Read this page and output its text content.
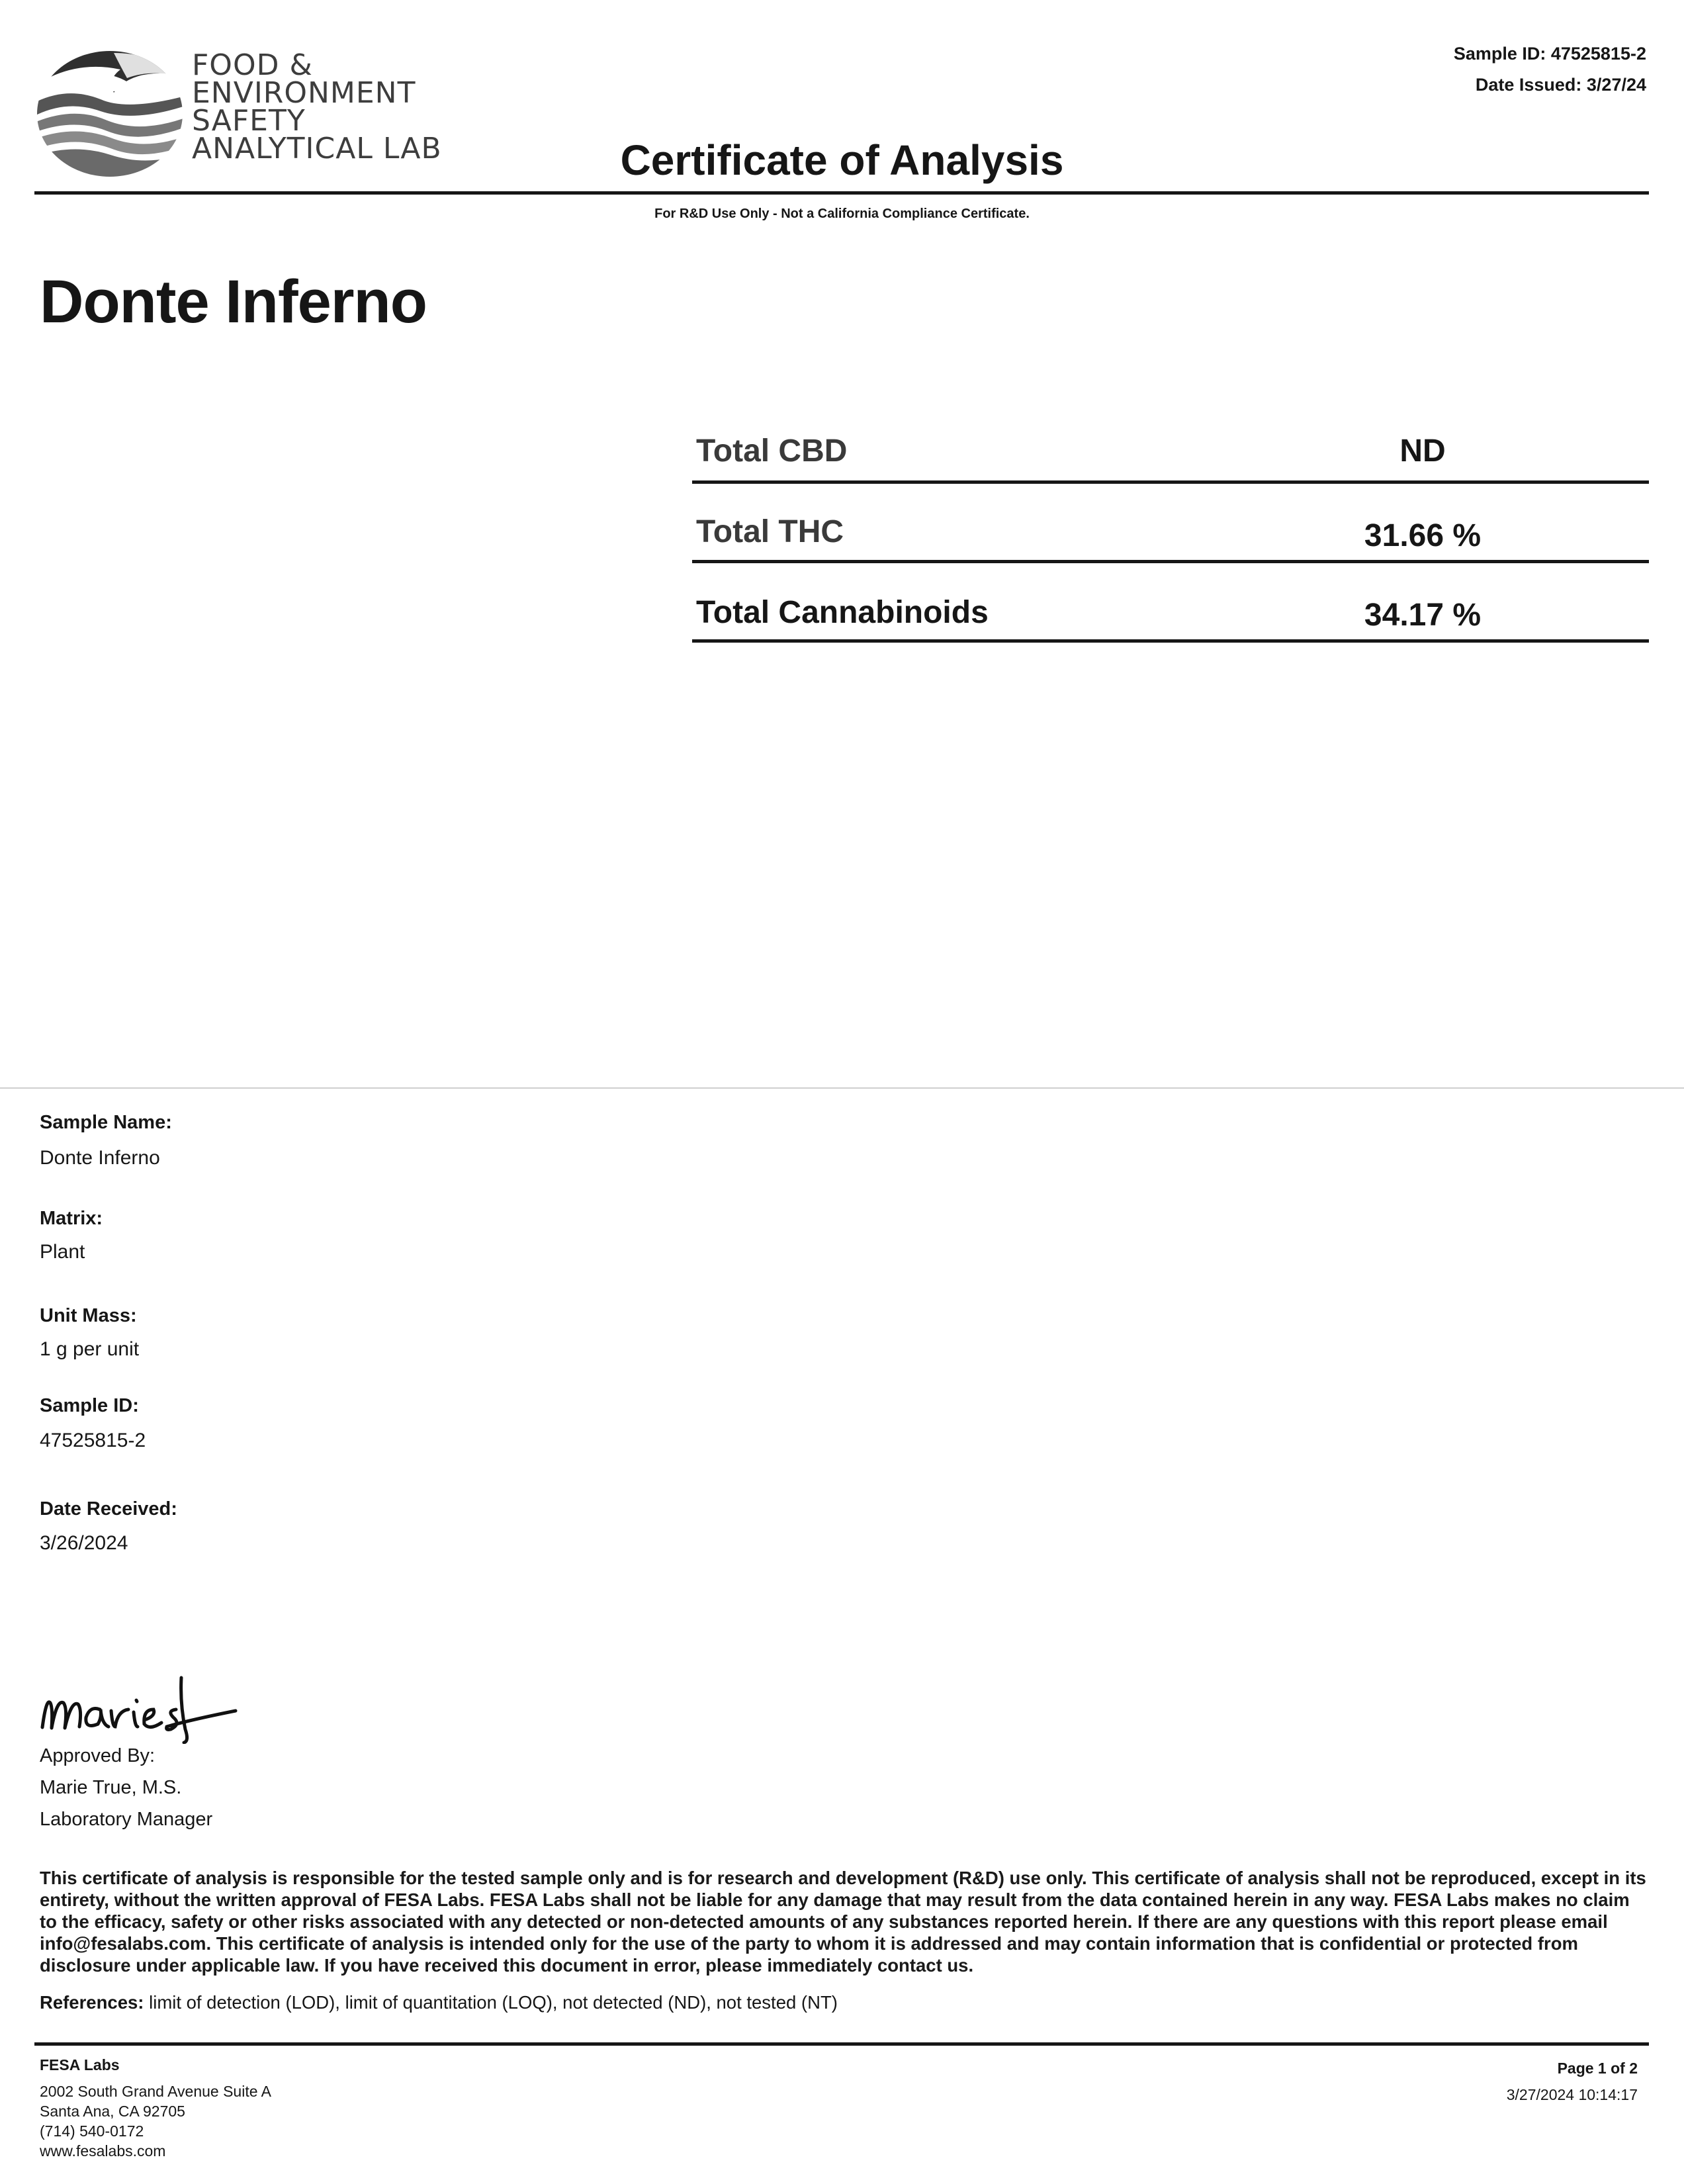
FOOD &
ENVIRONMENT
SAFETY
ANALYTICAL LAB
Sample ID: 47525815-2
Date Issued: 3/27/24
Certificate of Analysis
For R&D Use Only - Not a California Compliance Certificate.
Donte Inferno
Total CBD	ND
Total THC	31.66 %
Total Cannabinoids	34.17 %
Sample Name:
Donte Inferno
Matrix:
Plant
Unit Mass:
1 g per unit
Sample ID:
47525815-2
Date Received:
3/26/2024
Approved By:
Marie True, M.S.
Laboratory Manager
This certificate of analysis is responsible for the tested sample only and is for research and development (R&D) use only. This certificate of analysis shall not be reproduced, except in its entirety, without the written approval of FESA Labs. FESA Labs shall not be liable for any damage that may result from the data contained herein in any way. FESA Labs makes no claim to the efficacy, safety or other risks associated with any detected or non-detected amounts of any substances reported herein. If there are any questions with this report please email info@fesalabs.com. This certificate of analysis is intended only for the use of the party to whom it is addressed and may contain information that is confidential or protected from disclosure under applicable law. If you have received this document in error, please immediately contact us.
References: limit of detection (LOD), limit of quantitation (LOQ), not detected (ND), not tested (NT)
FESA Labs
2002 South Grand Avenue Suite A
Santa Ana, CA 92705
(714) 540-0172
www.fesalabs.com
Page 1 of 2
3/27/2024 10:14:17
